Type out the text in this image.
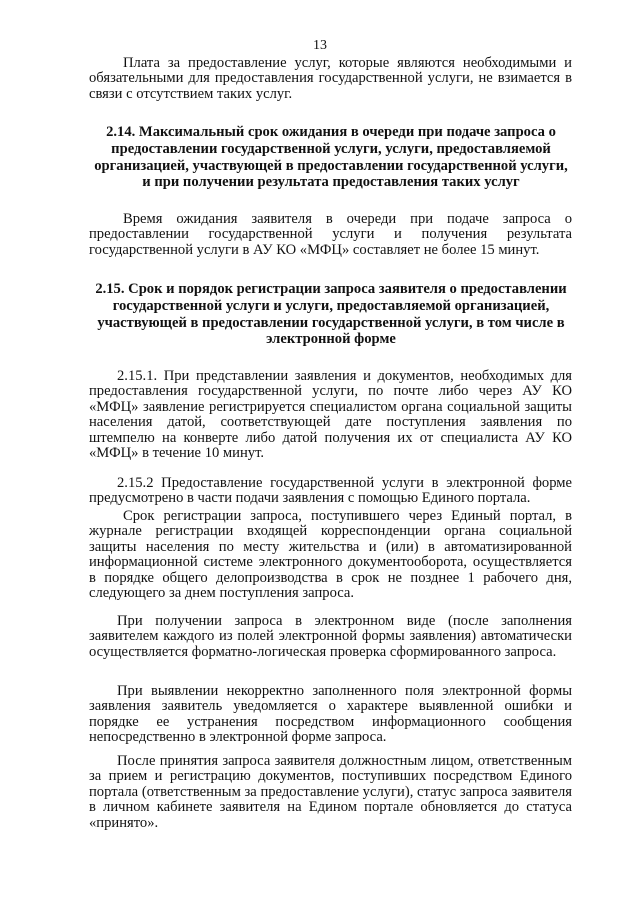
13

Плата за предоставление услуг, которые являются необходимыми и обязательными для предоставления государственной услуги, не взимается в связи с отсутствием таких услуг.

2.14. Максимальный срок ожидания в очереди при подаче запроса о предоставлении государственной услуги, услуги, предоставляемой организацией, участвующей в предоставлении государственной услуги, и при получении результата предоставления таких услуг

Время ожидания заявителя в очереди при подаче запроса о предоставлении государственной услуги и получения результата государственной услуги в АУ КО «МФЦ» составляет не более 15 минут.

2.15. Срок и порядок регистрации запроса заявителя о предоставлении государственной услуги и услуги, предоставляемой организацией, участвующей в предоставлении государственной услуги, в том числе в электронной форме

2.15.1. При представлении заявления и документов, необходимых для предоставления государственной услуги, по почте либо через АУ КО «МФЦ» заявление регистрируется специалистом органа социальной защиты населения датой, соответствующей дате поступления заявления по штемпелю на конверте либо датой получения их от специалиста АУ КО «МФЦ» в течение 10 минут.

2.15.2 Предоставление государственной услуги в электронной форме предусмотрено в части подачи заявления с помощью Единого портала.

Срок регистрации запроса, поступившего через Единый портал, в журнале регистрации входящей корреспонденции органа социальной защиты населения по месту жительства и (или) в автоматизированной информационной системе электронного документооборота, осуществляется в порядке общего делопроизводства в срок не позднее 1 рабочего дня, следующего за днем поступления запроса.

При получении запроса в электронном виде (после заполнения заявителем каждого из полей электронной формы заявления) автоматически осуществляется форматно-логическая проверка сформированного запроса.

При выявлении некорректно заполненного поля электронной формы заявления заявитель уведомляется о характере выявленной ошибки и порядке ее устранения посредством информационного сообщения непосредственно в электронной форме запроса.

После принятия запроса заявителя должностным лицом, ответственным за прием и регистрацию документов, поступивших посредством Единого портала (ответственным за предоставление услуги), статус запроса заявителя в личном кабинете заявителя на Едином портале обновляется до статуса «принято».
